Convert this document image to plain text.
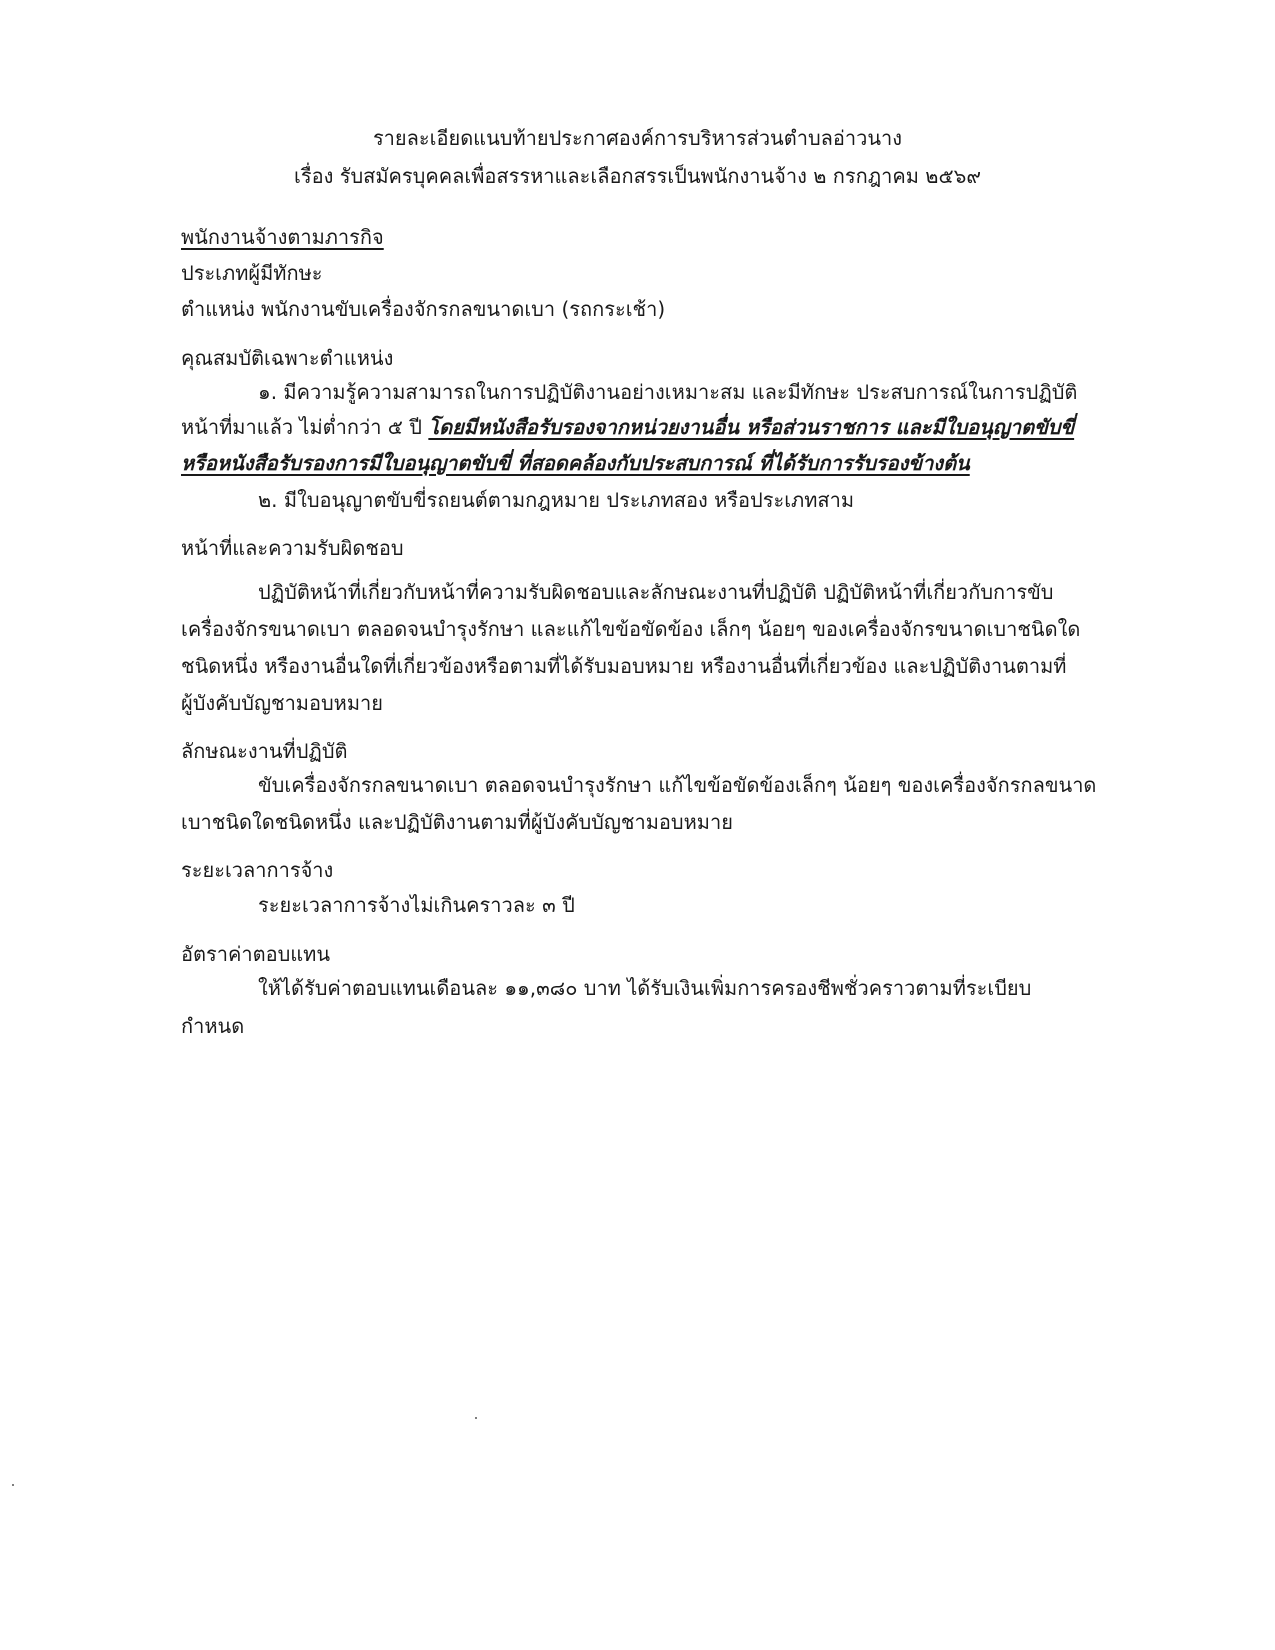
รายละเอียดแนบท้ายประกาศองค์การบริหารส่วนตำบลอ่าวนาง
เรื่อง รับสมัครบุคคลเพื่อสรรหาและเลือกสรรเป็นพนักงานจ้าง ๒ กรกฎาคม ๒๕๖๙
พนักงานจ้างตามภารกิจ
ประเภทผู้มีทักษะ
ตำแหน่ง พนักงานขับเครื่องจักรกลขนาดเบา (รถกระเช้า)
คุณสมบัติเฉพาะตำแหน่ง
๑. มีความรู้ความสามารถในการปฏิบัติงานอย่างเหมาะสม และมีทักษะ ประสบการณ์ในการปฏิบัติ
หน้าที่มาแล้ว ไม่ต่ำกว่า ๕ ปี โดยมีหนังสือรับรองจากหน่วยงานอื่น หรือส่วนราชการ และมีใบอนุญาตขับขี่
หรือหนังสือรับรองการมีใบอนุญาตขับขี่ ที่สอดคล้องกับประสบการณ์ ที่ได้รับการรับรองข้างต้น
๒. มีใบอนุญาตขับขี่รถยนต์ตามกฎหมาย ประเภทสอง หรือประเภทสาม
หน้าที่และความรับผิดชอบ
ปฏิบัติหน้าที่เกี่ยวกับหน้าที่ความรับผิดชอบและลักษณะงานที่ปฏิบัติ ปฏิบัติหน้าที่เกี่ยวกับการขับ
เครื่องจักรขนาดเบา ตลอดจนบำรุงรักษา และแก้ไขข้อขัดข้อง เล็กๆ น้อยๆ ของเครื่องจักรขนาดเบาชนิดใด
ชนิดหนึ่ง หรืองานอื่นใดที่เกี่ยวข้องหรือตามที่ได้รับมอบหมาย หรืองานอื่นที่เกี่ยวข้อง และปฏิบัติงานตามที่
ผู้บังคับบัญชามอบหมาย
ลักษณะงานที่ปฏิบัติ
ขับเครื่องจักรกลขนาดเบา ตลอดจนบำรุงรักษา แก้ไขข้อขัดข้องเล็กๆ น้อยๆ ของเครื่องจักรกลขนาด
เบาชนิดใดชนิดหนึ่ง และปฏิบัติงานตามที่ผู้บังคับบัญชามอบหมาย
ระยะเวลาการจ้าง
ระยะเวลาการจ้างไม่เกินคราวละ ๓ ปี
อัตราค่าตอบแทน
ให้ได้รับค่าตอบแทนเดือนละ ๑๑,๓๘๐ บาท ได้รับเงินเพิ่มการครองชีพชั่วคราวตามที่ระเบียบ
กำหนด
